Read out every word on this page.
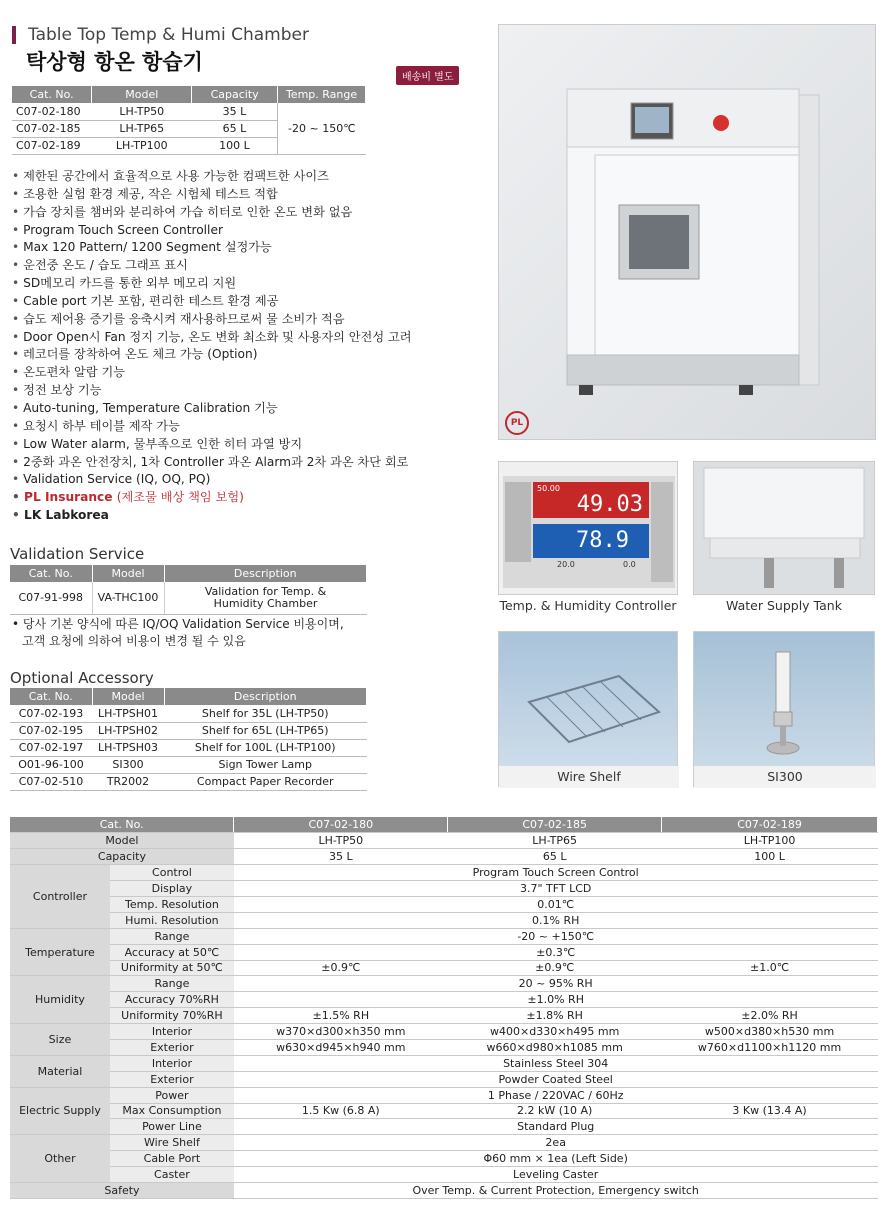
Table Top Temp & Humi Chamber
탁상형 항온 항습기
배송비 별도
Cat. No.	Model	Capacity	Temp. Range
C07-02-180	LH-TP50	35 L	-20 ~ 150℃
C07-02-185	LH-TP65	65 L	
C07-02-189	LH-TP100	100 L	
• 제한된 공간에서 효율적으로 사용 가능한 컴팩트한 사이즈
• 조용한 실험 환경 제공, 작은 시험체 테스트 적합
• 가습 장치를 챔버와 분리하여 가습 히터로 인한 온도 변화 없음
• Program Touch Screen Controller
• Max 120 Pattern/ 1200 Segment 설정가능
• 운전중 온도 / 습도 그래프 표시
• SD메모리 카드를 통한 외부 메모리 지원
• Cable port 기본 포함, 편리한 테스트 환경 제공
• 습도 제어용 증기를 응축시켜 재사용하므로써 물 소비가 적음
• Door Open시 Fan 정지 기능, 온도 변화 최소화 및 사용자의 안전성 고려
• 레코더를 장착하여 온도 체크 가능 (Option)
• 온도편차 알람 기능
• 정전 보상 기능
• Auto-tuning, Temperature Calibration 기능
• 요청시 하부 테이블 제작 가능
• Low Water alarm, 물부족으로 인한 히터 과열 방지
• 2중화 과온 안전장치, 1차 Controller 과온 Alarm과 2차 과온 차단 회로
• Validation Service (IQ, OQ, PQ)
• PL Insurance (제조물 배상 책임 보험)
• LK Labkorea
Validation Service
Cat. No.	Model	Description
C07-91-998	VA-THC100	Validation for Temp. &
Humidity Chamber
• 당사 기본 양식에 따른 IQ/OQ Validation Service 비용이며,
고객 요청에 의하여 비용이 변경 될 수 있음
Optional Accessory
Cat. No.	Model	Description
C07-02-193	LH-TPSH01	Shelf for 35L (LH-TP50)
C07-02-195	LH-TPSH02	Shelf for 65L (LH-TP65)
C07-02-197	LH-TPSH03	Shelf for 100L (LH-TP100)
O01-96-100	SI300	Sign Tower Lamp
C07-02-510	TR2002	Compact Paper Recorder
PL
50.00
49.03
78.9
20.0	0.0
Temp. & Humidity Controller	Water Supply Tank
Wire Shelf	SI300
Cat. No.		C07-02-180	C07-02-185	C07-02-189
Model		LH-TP50	LH-TP65	LH-TP100
Capacity		35 L	65 L	100 L
Controller	Control	Program Touch Screen Control		
	Display	3.7" TFT LCD		
	Temp. Resolution	0.01℃		
	Humi. Resolution	0.1% RH		
Temperature	Range	-20 ~ +150℃		
	Accuracy at 50℃	±0.3℃		
	Uniformity at 50℃	±0.9℃	±0.9℃	±1.0℃
Humidity	Range	20 ~ 95% RH		
	Accuracy 70%RH	±1.0% RH		
	Uniformity 70%RH	±1.5% RH	±1.8% RH	±2.0% RH
Size	Interior	w370×d300×h350 mm	w400×d330×h495 mm	w500×d380×h530 mm
	Exterior	w630×d945×h940 mm	w660×d980×h1085 mm	w760×d1100×h1120 mm
Material	Interior	Stainless Steel 304		
	Exterior	Powder Coated Steel		
Electric Supply	Power	1 Phase / 220VAC / 60Hz		
	Max Consumption	1.5 Kw (6.8 A)	2.2 kW (10 A)	3 Kw (13.4 A)
	Power Line	Standard Plug		
Other	Wire Shelf	2ea		
	Cable Port	Φ60 mm × 1ea (Left Side)		
	Caster	Leveling Caster		
Safety		Over Temp. & Current Protection, Emergency switch		
